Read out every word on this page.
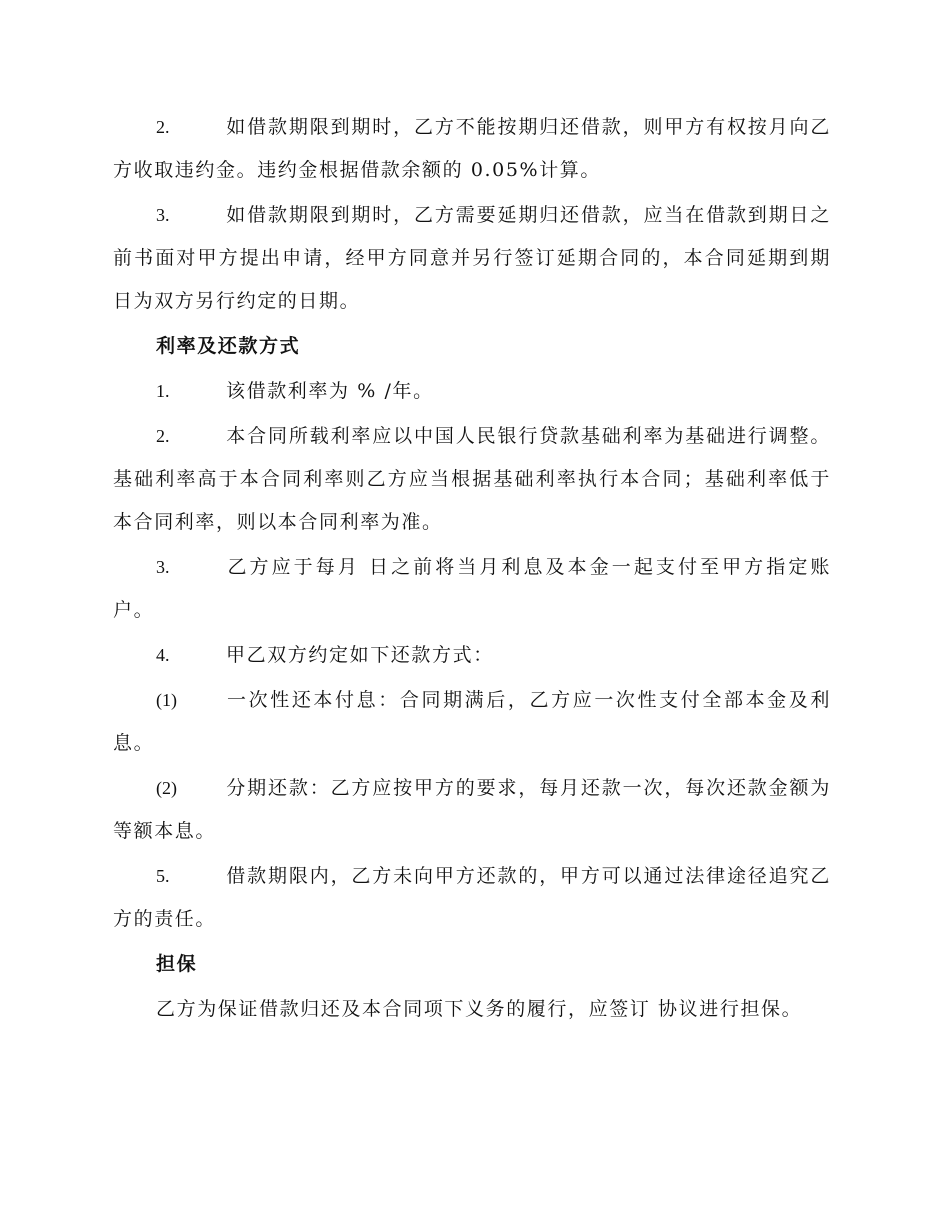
2.	如借款期限到期时，乙方不能按期归还借款，则甲方有权按月向乙方收取违约金。违约金根据借款余额的 0.05%计算。

3.	如借款期限到期时，乙方需要延期归还借款，应当在借款到期日之前书面对甲方提出申请，经甲方同意并另行签订延期合同的，本合同延期到期日为双方另行约定的日期。

利率及还款方式

1.	该借款利率为 % /年。

2.	本合同所载利率应以中国人民银行贷款基础利率为基础进行调整。基础利率高于本合同利率则乙方应当根据基础利率执行本合同；基础利率低于本合同利率，则以本合同利率为准。

3.	乙方应于每月 日之前将当月利息及本金一起支付至甲方指定账户。

4.	甲乙双方约定如下还款方式：

(1)	一次性还本付息：合同期满后，乙方应一次性支付全部本金及利息。

(2)	分期还款：乙方应按甲方的要求，每月还款一次，每次还款金额为等额本息。

5.	借款期限内，乙方未向甲方还款的，甲方可以通过法律途径追究乙方的责任。

担保

乙方为保证借款归还及本合同项下义务的履行，应签订 协议进行担保。
